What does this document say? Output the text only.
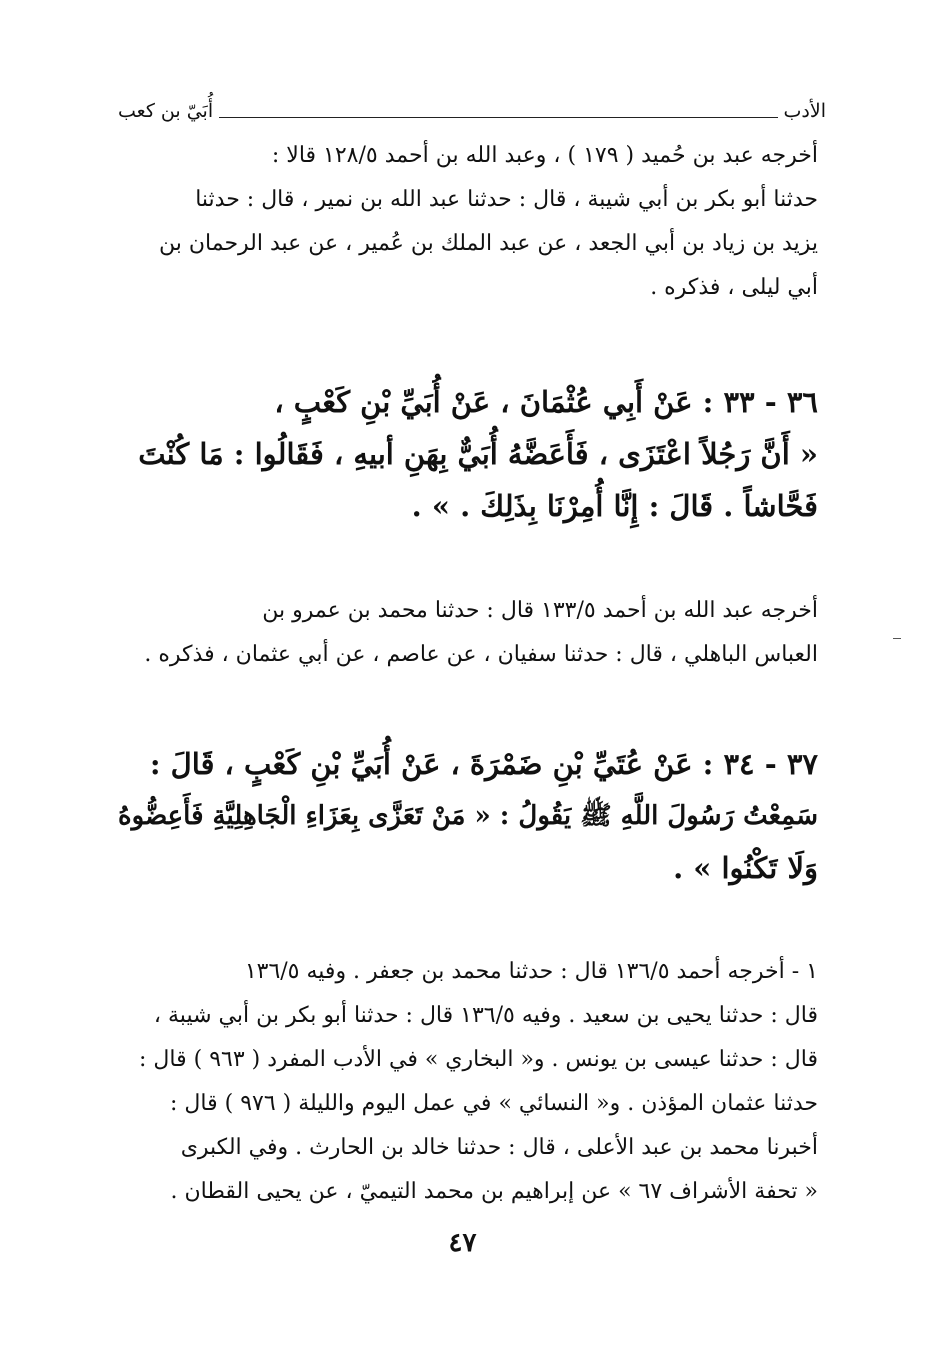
الأدب
أُبَيّ بن كعب
أخرجه عبد بن حُميد ( ١٧٩ ) ، وعبد الله بن أحمد ١٢٨/٥ قالا :
حدثنا أبو بكر بن أبي شيبة ، قال : حدثنا عبد الله بن نمير ، قال : حدثنا
يزيد بن زياد بن أبي الجعد ، عن عبد الملك بن عُمير ، عن عبد الرحمان بن
أبي ليلى ، فذكره .
٣٦ - ٣٣ : عَنْ أَبِي عُثْمَانَ ، عَنْ أُبَيِّ بْنِ كَعْبٍ ،
« أَنَّ رَجُلاً اعْتَزَى ، فَأَعَضَّهُ أُبَيٌّ بِهَنِ أبيهِ ، فَقَالُوا : مَا كُنْتَ
فَحَّاشاً . قَالَ : إِنَّا أُمِرْنَا بِذَلِكَ . » .
أخرجه عبد الله بن أحمد ١٣٣/٥ قال : حدثنا محمد بن عمرو بن
العباس الباهلي ، قال : حدثنا سفيان ، عن عاصم ، عن أبي عثمان ، فذكره .
٣٧ - ٣٤ : عَنْ عُتَيِّ بْنِ ضَمْرَةَ ، عَنْ أُبَيِّ بْنِ كَعْبٍ ، قَالَ :
سَمِعْتُ رَسُولَ اللَّهِ ﷺ يَقُولُ : « مَنْ تَعَزَّى بِعَزَاءِ الْجَاهِلِيَّةِ فَأَعِضُّوهُ
وَلَا تَكْنُوا » .
١ - أخرجه أحمد ١٣٦/٥ قال : حدثنا محمد بن جعفر . وفيه ١٣٦/٥
قال : حدثنا يحيى بن سعيد . وفيه ١٣٦/٥ قال : حدثنا أبو بكر بن أبي شيبة ،
قال : حدثنا عيسى بن يونس . و« البخاري » في الأدب المفرد ( ٩٦٣ ) قال :
حدثنا عثمان المؤذن . و« النسائي » في عمل اليوم والليلة ( ٩٧٦ ) قال :
أخبرنا محمد بن عبد الأعلى ، قال : حدثنا خالد بن الحارث . وفي الكبرى
« تحفة الأشراف ٦٧ » عن إبراهيم بن محمد التيميّ ، عن يحيى القطان .
٤٧
